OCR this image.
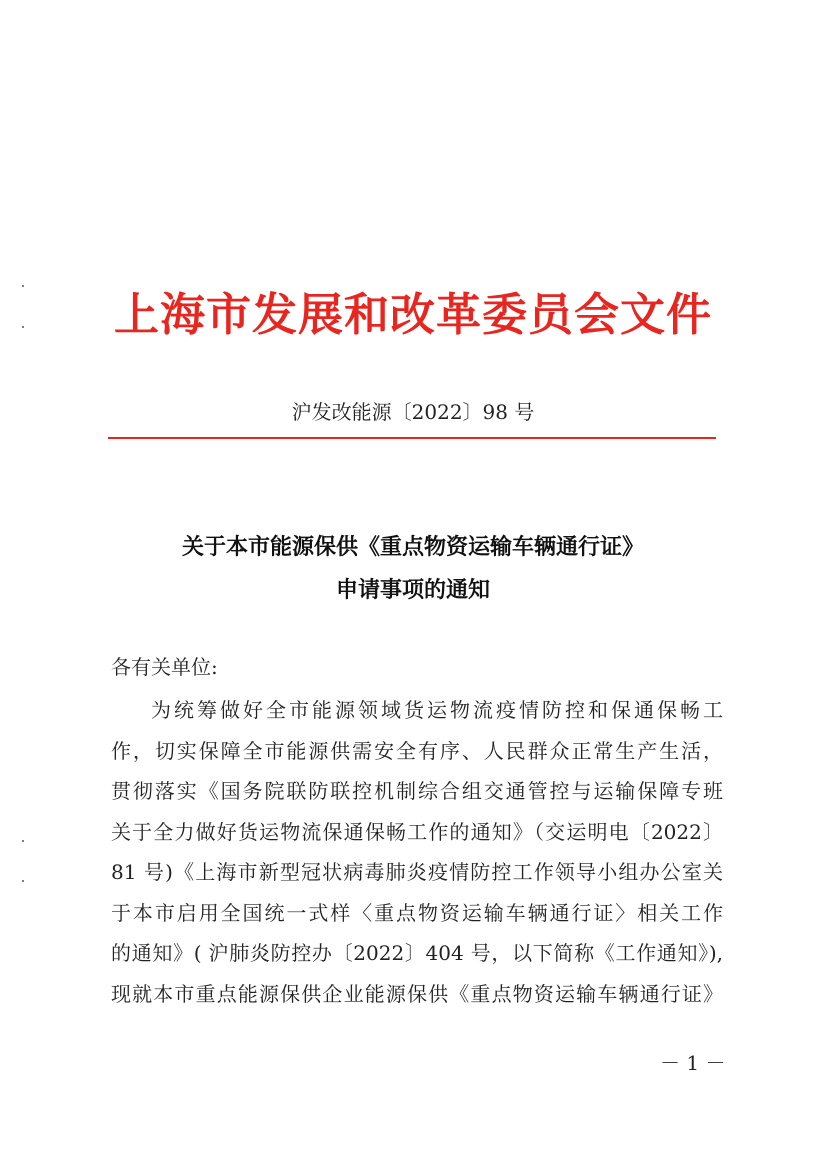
上海市发展和改革委员会文件
沪发改能源〔2022〕98 号
关于本市能源保供《重点物资运输车辆通行证》
申请事项的通知
各有关单位:
为统筹做好全市能源领域货运物流疫情防控和保通保畅工
作，切实保障全市能源供需安全有序、人民群众正常生产生活，
贯彻落实《国务院联防联控机制综合组交通管控与运输保障专班
关于全力做好货运物流保通保畅工作的通知》（交运明电〔2022〕
81 号)《上海市新型冠状病毒肺炎疫情防控工作领导小组办公室关
于本市启用全国统一式样〈重点物资运输车辆通行证〉相关工作
的通知》( 沪肺炎防控办〔2022〕404 号，以下简称《工作通知》),
现就本市重点能源保供企业能源保供《重点物资运输车辆通行证》
－ 1 －
